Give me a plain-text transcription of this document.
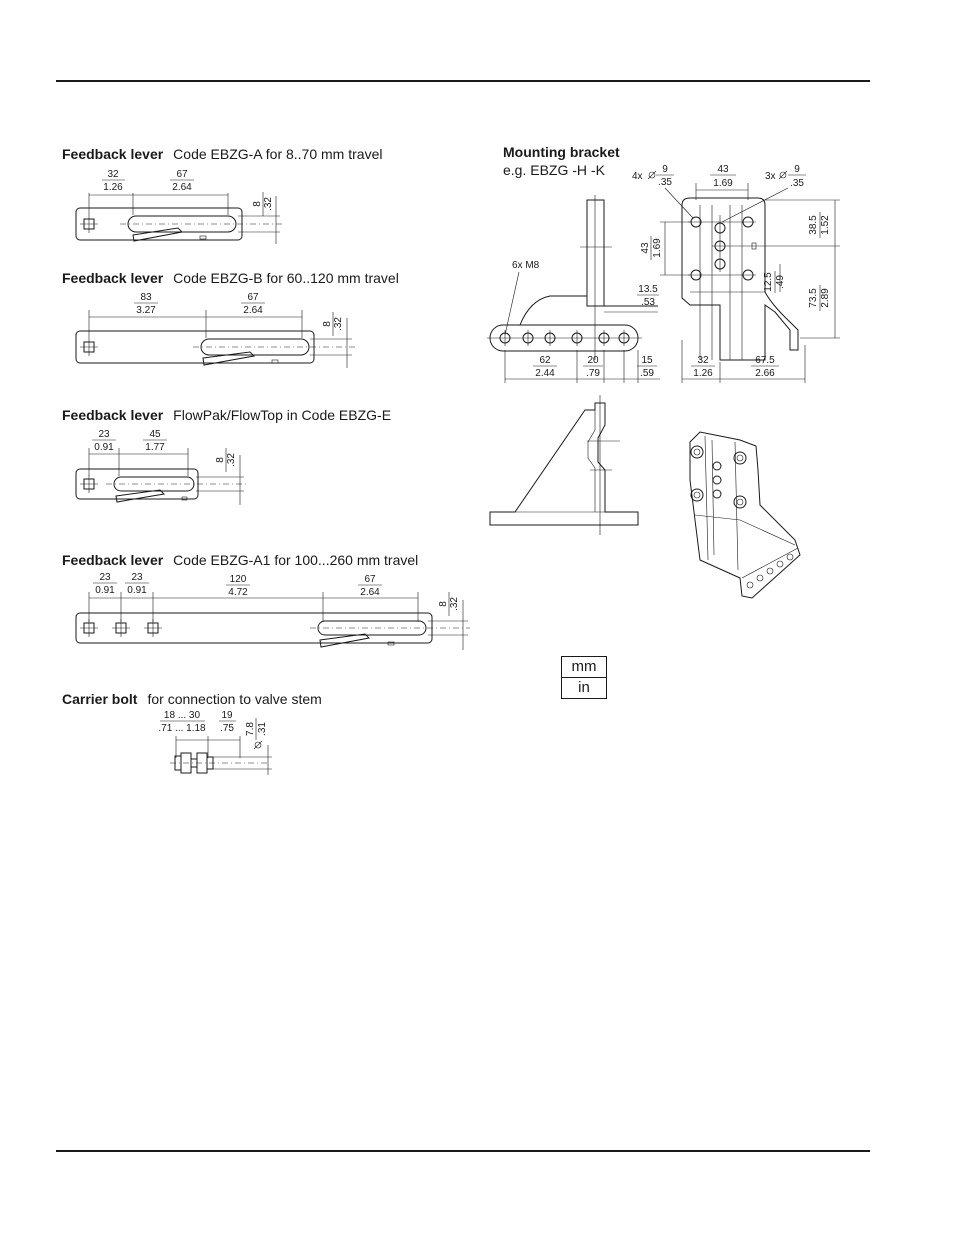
Feedback lever Code EBZG-A for 8..70 mm travel
Feedback lever Code EBZG-B for 60..120 mm travel
Feedback lever FlowPak/FlowTop in Code EBZG-E
Feedback lever Code EBZG-A1 for 100...260 mm travel
Carrier bolt for connection to valve stem
Mounting bracket
e.g. EBZG -H -K
32
1.26
67
2.64
8 .32
83
3.27
67
2.64
8 .32
23
0.91
45
1.77
8 .32
23
0.91
23
0.91
120
4.72
67
2.64
8 .32
18 ... 30
.71 ... 1.18
19
.75 7.8 .31
6x M8
13.5
.53
62
2.44
20
.79
15
.59
4x
9
.35
43
1.69
3x
9
.35
43 1.69
38.5 1.52
73.5 2.89
12.5 .49
32
1.26
67.5
2.66
mm
in
